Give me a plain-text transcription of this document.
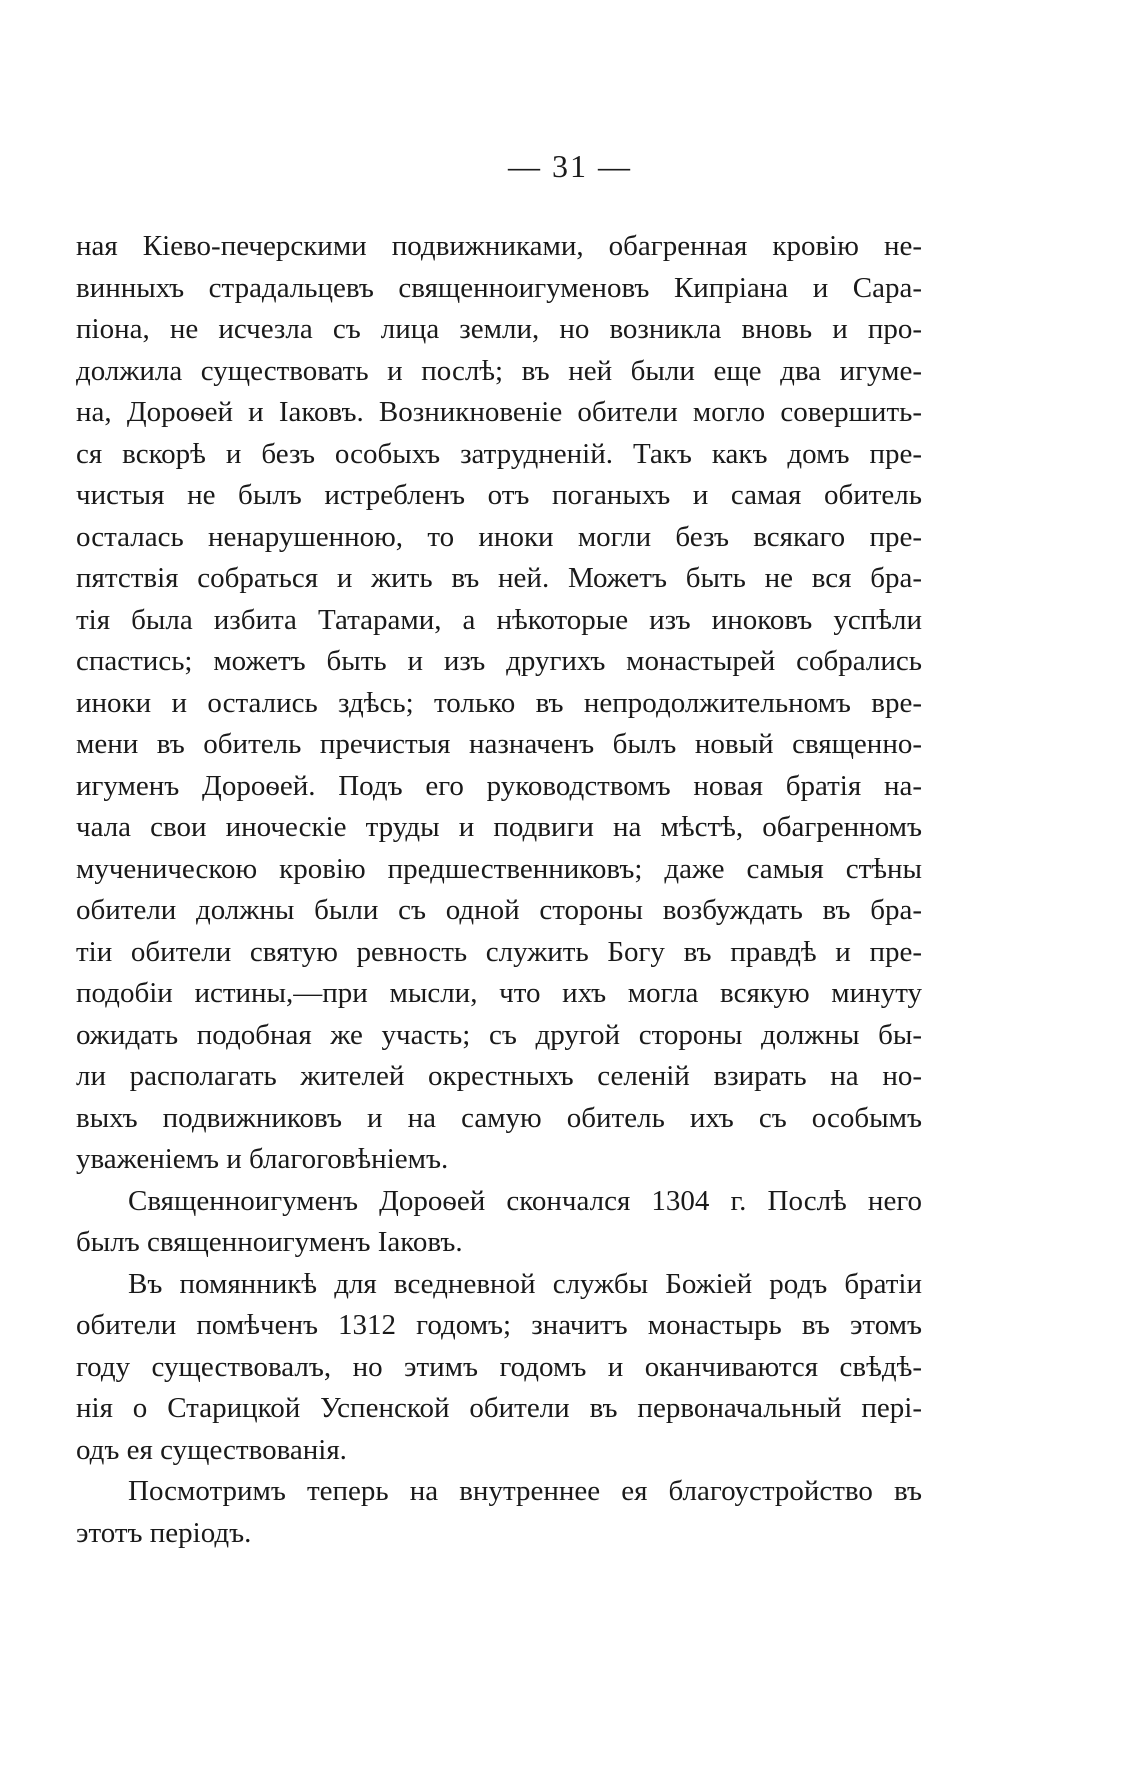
— 31 —
ная Кіево-печерскими подвижниками, обагренная кровію не-
винныхъ страдальцевъ священноигуменовъ Кипріана и Сара-
піона, не исчезла съ лица земли, но возникла вновь и про-
должила существовать и послѣ; въ ней были еще два игуме-
на, Дороѳей и Іаковъ. Возникновеніе обители могло совершить-
ся вскорѣ и безъ особыхъ затрудненій. Такъ какъ домъ пре-
чистыя не былъ истребленъ отъ поганыхъ и самая обитель
осталась ненарушенною, то иноки могли безъ всякаго пре-
пятствія собраться и жить въ ней. Можетъ быть не вся бра-
тія была избита Татарами, а нѣкоторые изъ иноковъ успѣли
спастись; можетъ быть и изъ другихъ монастырей собрались
иноки и остались здѣсь; только въ непродолжительномъ вре-
мени въ обитель пречистыя назначенъ былъ новый священно-
игуменъ Дороѳей. Подъ его руководствомъ новая братія на-
чала свои иноческіе труды и подвиги на мѣстѣ, обагренномъ
мученическою кровію предшественниковъ; даже самыя стѣны
обители должны были съ одной стороны возбуждать въ бра-
тіи обители святую ревность служить Богу въ правдѣ и пре-
подобіи истины,—при мысли, что ихъ могла всякую минуту
ожидать подобная же участь; съ другой стороны должны бы-
ли располагать жителей окрестныхъ селеній взирать на но-
выхъ подвижниковъ и на самую обитель ихъ съ особымъ
уваженіемъ и благоговѣніемъ.
Священноигуменъ Дороѳей скончался 1304 г. Послѣ него
былъ священноигуменъ Іаковъ.
Въ помянникѣ для вседневной службы Божіей родъ братіи
обители помѣченъ 1312 годомъ; значитъ монастырь въ этомъ
году существовалъ, но этимъ годомъ и оканчиваются свѣдѣ-
нія о Старицкой Успенской обители въ первоначальный пері-
одъ ея существованія.
Посмотримъ теперь на внутреннее ея благоустройство въ
этотъ періодъ.
